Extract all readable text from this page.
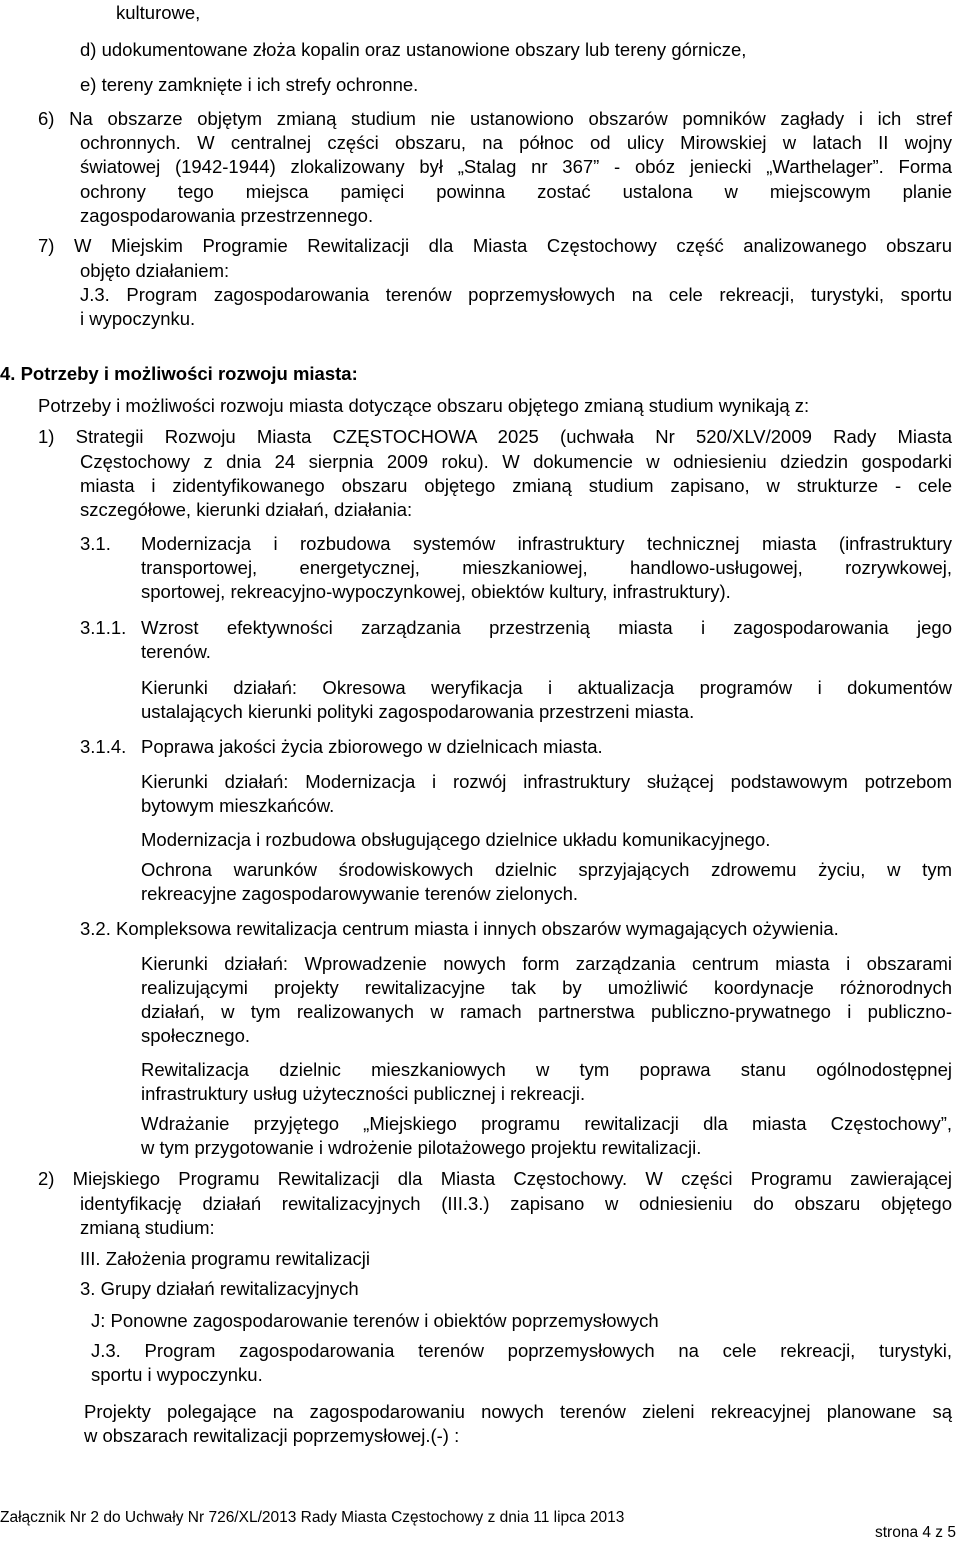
kulturowe,
d) udokumentowane złoża kopalin oraz ustanowione obszary lub tereny górnicze,
e) tereny zamknięte i ich strefy ochronne.
6) Na obszarze objętym zmianą studium nie ustanowiono obszarów pomników zagłady i ich stref
ochronnych. W centralnej części obszaru, na północ od ulicy Mirowskiej w latach II wojny
światowej (1942-1944) zlokalizowany był „Stalag nr 367” - obóz jeniecki „Warthelager”. Forma
ochrony tego miejsca pamięci powinna zostać ustalona w miejscowym planie
zagospodarowania przestrzennego.
7) W Miejskim Programie Rewitalizacji dla Miasta Częstochowy część analizowanego obszaru
objęto działaniem:
J.3. Program zagospodarowania terenów poprzemysłowych na cele rekreacji, turystyki, sportu
i wypoczynku.
4. Potrzeby i możliwości rozwoju miasta:
Potrzeby i możliwości rozwoju miasta dotyczące obszaru objętego zmianą studium wynikają z:
1) Strategii Rozwoju Miasta CZĘSTOCHOWA 2025 (uchwała Nr 520/XLV/2009 Rady Miasta
Częstochowy z dnia 24 sierpnia 2009 roku). W dokumencie w odniesieniu dziedzin gospodarki
miasta i zidentyfikowanego obszaru objętego zmianą studium zapisano, w strukturze - cele
szczegółowe, kierunki działań, działania:
3.1. Modernizacja i rozbudowa systemów infrastruktury technicznej miasta (infrastruktury
transportowej, energetycznej, mieszkaniowej, handlowo-usługowej, rozrywkowej,
sportowej, rekreacyjno-wypoczynkowej, obiektów kultury, infrastruktury).
3.1.1. Wzrost efektywności zarządzania przestrzenią miasta i zagospodarowania jego
terenów.
Kierunki działań: Okresowa weryfikacja i aktualizacja programów i dokumentów
ustalających kierunki polityki zagospodarowania przestrzeni miasta.
3.1.4. Poprawa jakości życia zbiorowego w dzielnicach miasta.
Kierunki działań: Modernizacja i rozwój infrastruktury służącej podstawowym potrzebom
bytowym mieszkańców.
Modernizacja i rozbudowa obsługującego dzielnice układu komunikacyjnego.
Ochrona warunków środowiskowych dzielnic sprzyjających zdrowemu życiu, w tym
rekreacyjne zagospodarowywanie terenów zielonych.
3.2. Kompleksowa rewitalizacja centrum miasta i innych obszarów wymagających ożywienia.
Kierunki działań: Wprowadzenie nowych form zarządzania centrum miasta i obszarami
realizującymi projekty rewitalizacyjne tak by umożliwić koordynacje różnorodnych
działań, w tym realizowanych w ramach partnerstwa publiczno-prywatnego i publiczno-
społecznego.
Rewitalizacja dzielnic mieszkaniowych w tym poprawa stanu ogólnodostępnej
infrastruktury usług użyteczności publicznej i rekreacji.
Wdrażanie przyjętego „Miejskiego programu rewitalizacji dla miasta Częstochowy”,
w tym przygotowanie i wdrożenie pilotażowego projektu rewitalizacji.
2) Miejskiego Programu Rewitalizacji dla Miasta Częstochowy. W części Programu zawierającej
identyfikację działań rewitalizacyjnych (III.3.) zapisano w odniesieniu do obszaru objętego
zmianą studium:
III. Założenia programu rewitalizacji
3. Grupy działań rewitalizacyjnych
J: Ponowne zagospodarowanie terenów i obiektów poprzemysłowych
J.3. Program zagospodarowania terenów poprzemysłowych na cele rekreacji, turystyki,
sportu i wypoczynku.
Projekty polegające na zagospodarowaniu nowych terenów zieleni rekreacyjnej planowane są
w obszarach rewitalizacji poprzemysłowej.(-) :
Załącznik Nr 2 do Uchwały Nr 726/XL/2013 Rady Miasta Częstochowy z dnia 11 lipca 2013
strona 4 z 5
